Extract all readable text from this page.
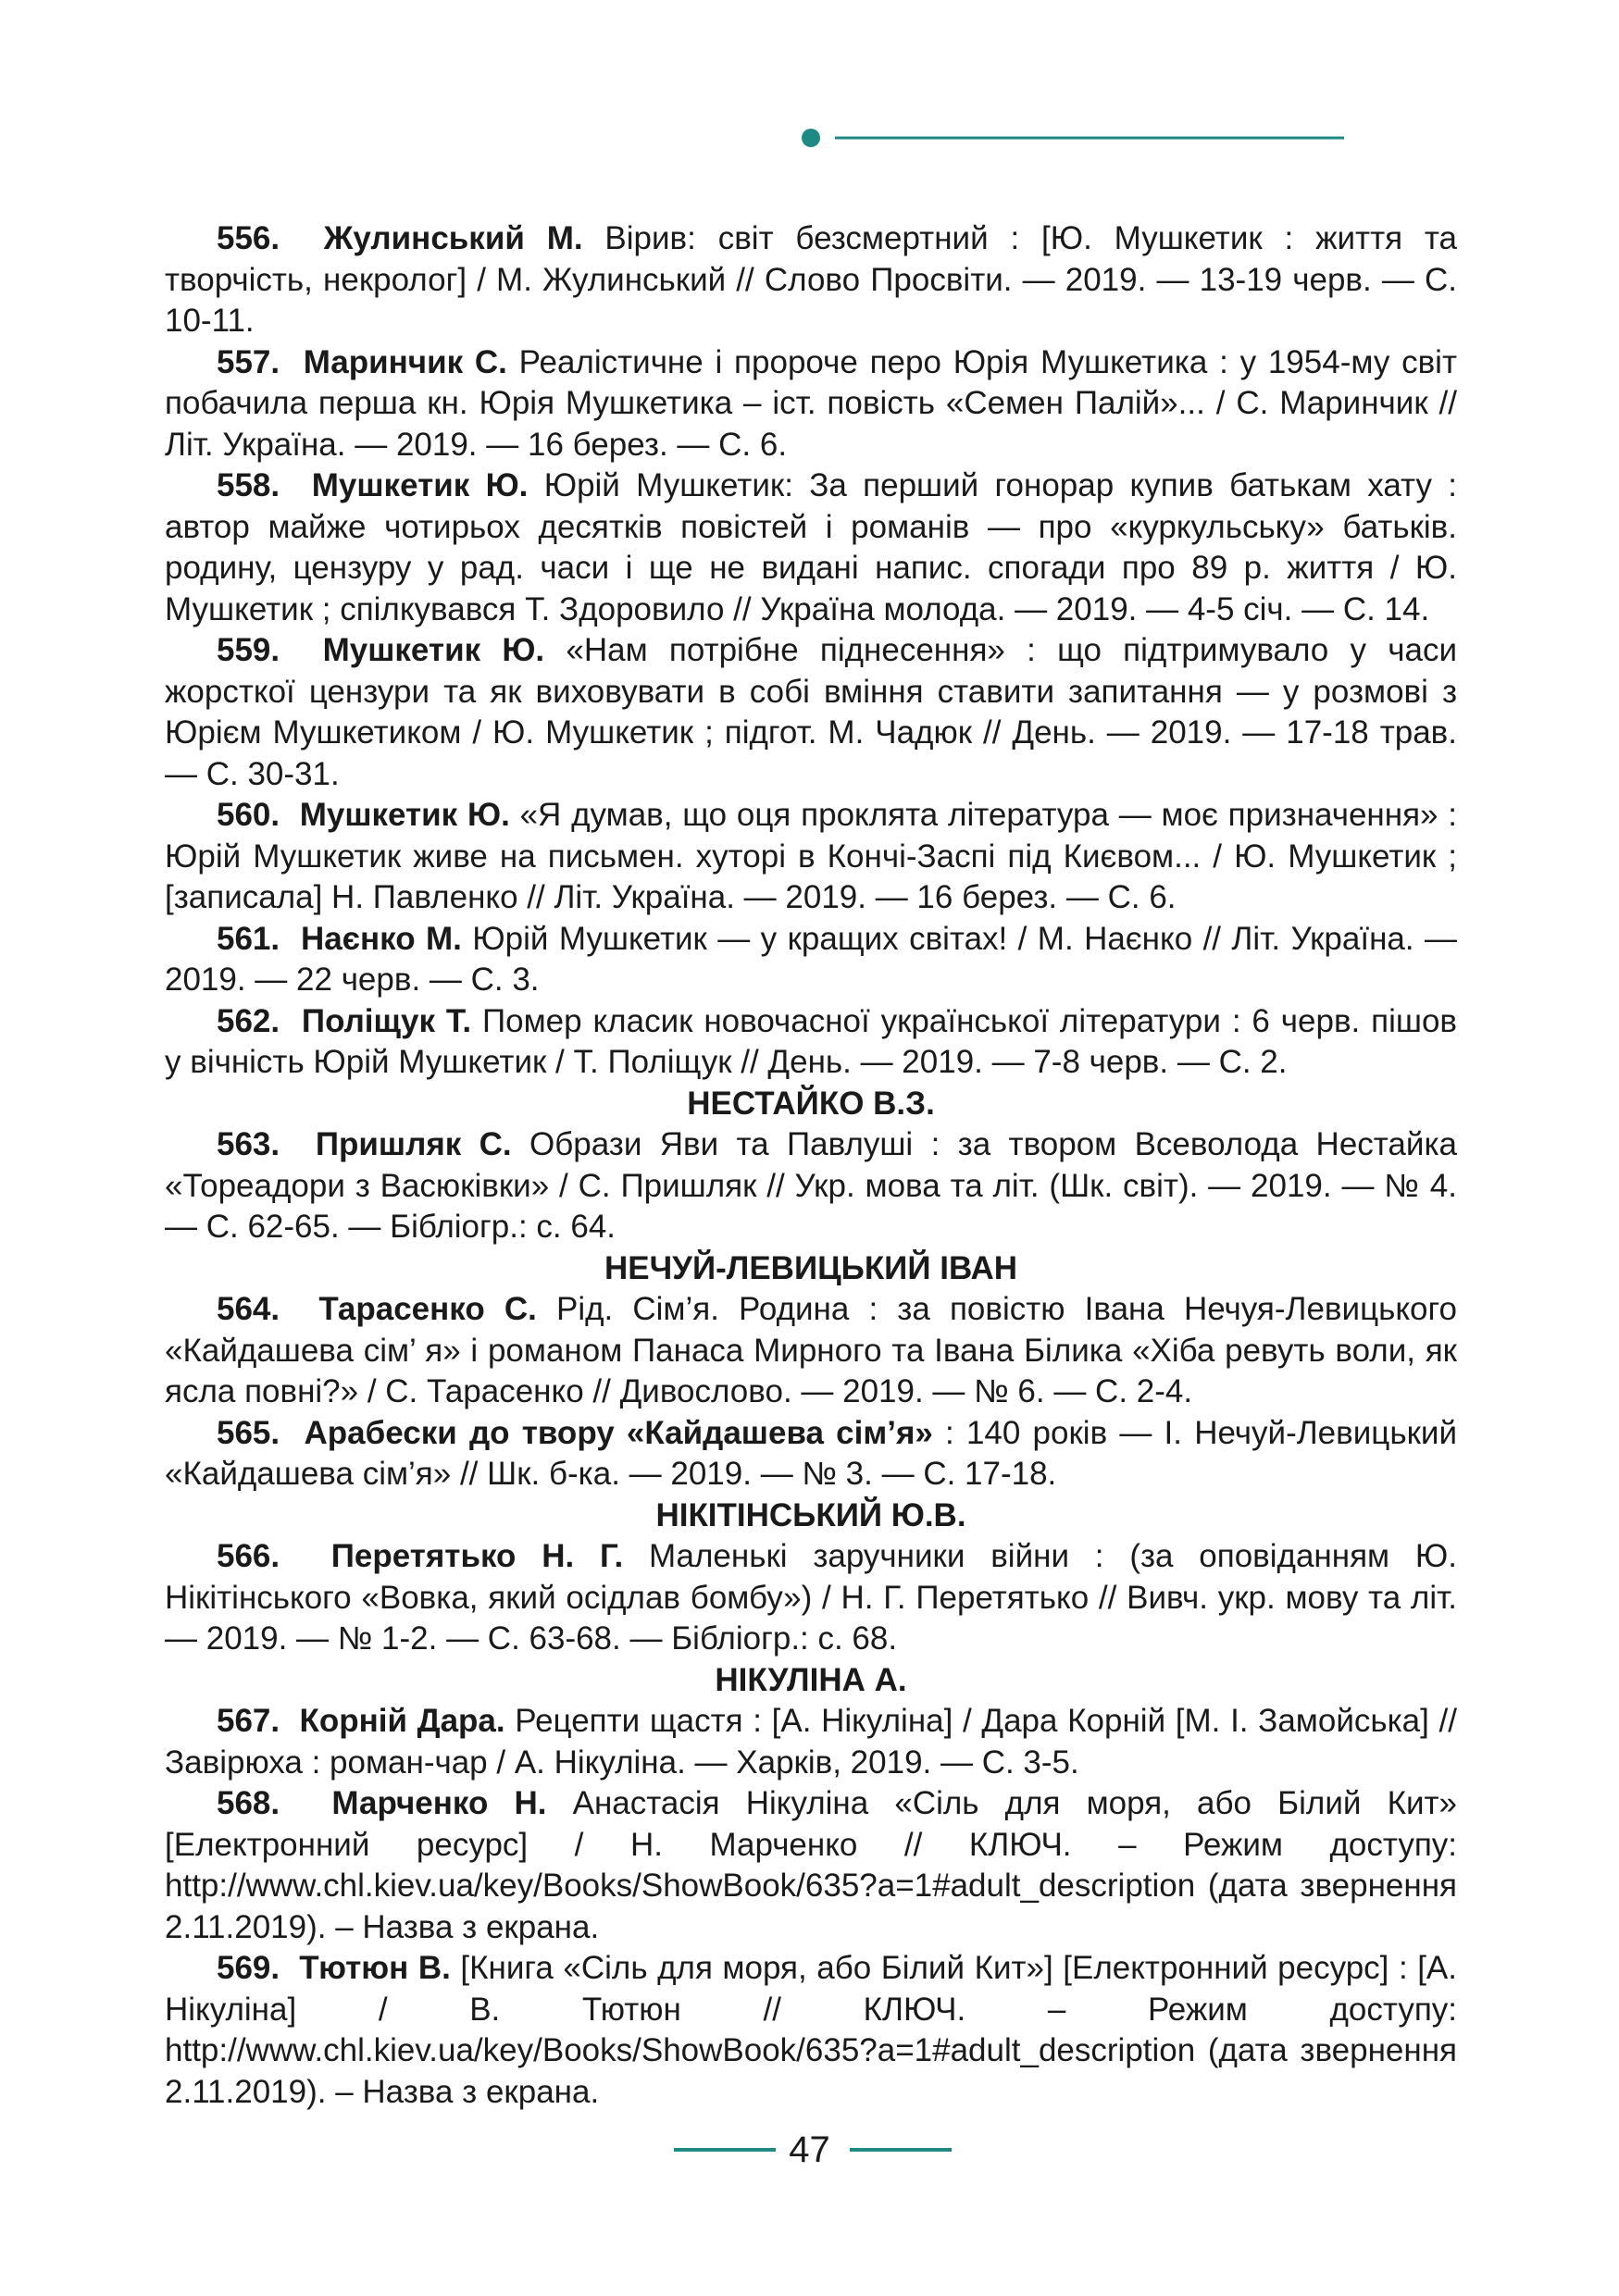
556. Жулинський М. Вірив: світ безсмертний : [Ю. Мушкетик : життя та творчість, некролог] / М. Жулинський // Слово Просвіти. — 2019. — 13-19 черв. — С. 10-11.

557. Маринчик С. Реалістичне і пророче перо Юрія Мушкетика : у 1954-му світ побачила перша кн. Юрія Мушкетика – іст. повість «Семен Палій»... / С. Маринчик // Літ. Україна. — 2019. — 16 берез. — С. 6.

558. Мушкетик Ю. Юрій Мушкетик: За перший гонорар купив батькам хату : автор майже чотирьох десятків повістей і романів — про «куркульську» батьків. родину, цензуру у рад. часи і ще не видані напис. спогади про 89 р. життя / Ю. Мушкетик ; спілкувався Т. Здоровило // Україна молода. — 2019. — 4-5 січ. — С. 14.

559. Мушкетик Ю. «Нам потрібне піднесення» : що підтримувало у часи жорсткої цензури та як виховувати в собі вміння ставити запитання — у розмові з Юрієм Мушкетиком / Ю. Мушкетик ; підгот. М. Чадюк // День. — 2019. — 17-18 трав. — С. 30-31.

560. Мушкетик Ю. «Я думав, що оця проклята література — моє призначення» : Юрій Мушкетик живе на письмен. хуторі в Кончі-Заспі під Києвом... / Ю. Мушкетик ; [записала] Н. Павленко // Літ. Україна. — 2019. — 16 берез. — С. 6.

561. Наєнко М. Юрій Мушкетик — у кращих світах! / М. Наєнко // Літ. Україна. — 2019. — 22 черв. — С. 3.

562. Поліщук Т. Помер класик новочасної української літератури : 6 черв. пішов у вічність Юрій Мушкетик / Т. Поліщук // День. — 2019. — 7-8 черв. — С. 2.

НЕСТАЙКО В.З.

563. Пришляк С. Образи Яви та Павлуші : за твором Всеволода Нестайка «Тореадори з Васюківки» / С. Пришляк // Укр. мова та літ. (Шк. світ). — 2019. — № 4. — С. 62-65. — Бібліогр.: с. 64.

НЕЧУЙ-ЛЕВИЦЬКИЙ ІВАН

564. Тарасенко С. Рід. Сім’я. Родина : за повістю Івана Нечуя-Левицького «Кайдашева сім’ я» і романом Панаса Мирного та Івана Білика «Хіба ревуть воли, як ясла повні?» / С. Тарасенко // Дивослово. — 2019. — № 6. — С. 2-4.

565. Арабески до твору «Кайдашева сім’я» : 140 років — І. Нечуй-Левицький «Кайдашева сім’я» // Шк. б-ка. — 2019. — № 3. — С. 17-18.

НІКІТІНСЬКИЙ Ю.В.

566. Перетятько Н. Г. Маленькі заручники війни : (за оповіданням Ю. Нікітінського «Вовка, який осідлав бомбу») / Н. Г. Перетятько // Вивч. укр. мову та літ. — 2019. — № 1-2. — С. 63-68. — Бібліогр.: с. 68.

НІКУЛІНА А.

567. Корній Дара. Рецепти щастя : [А. Нікуліна] / Дара Корній [М. І. Замойська] // Завірюха : роман-чар / А. Нікуліна. — Харків, 2019. — С. 3-5.

568. Марченко Н. Анастасія Нікуліна «Сіль для моря, або Білий Кит» [Електронний ресурс] / Н. Марченко // КЛЮЧ. – Режим доступу: http://www.chl.kiev.ua/key/Books/ShowBook/635?a=1#adult_description (дата звернення 2.11.2019). – Назва з екрана.

569. Тютюн В. [Книга «Сіль для моря, або Білий Кит»] [Електронний ресурс] : [А. Нікуліна] / В. Тютюн // КЛЮЧ. – Режим доступу: http://www.chl.kiev.ua/key/Books/ShowBook/635?a=1#adult_description (дата звернення 2.11.2019). – Назва з екрана.

47
